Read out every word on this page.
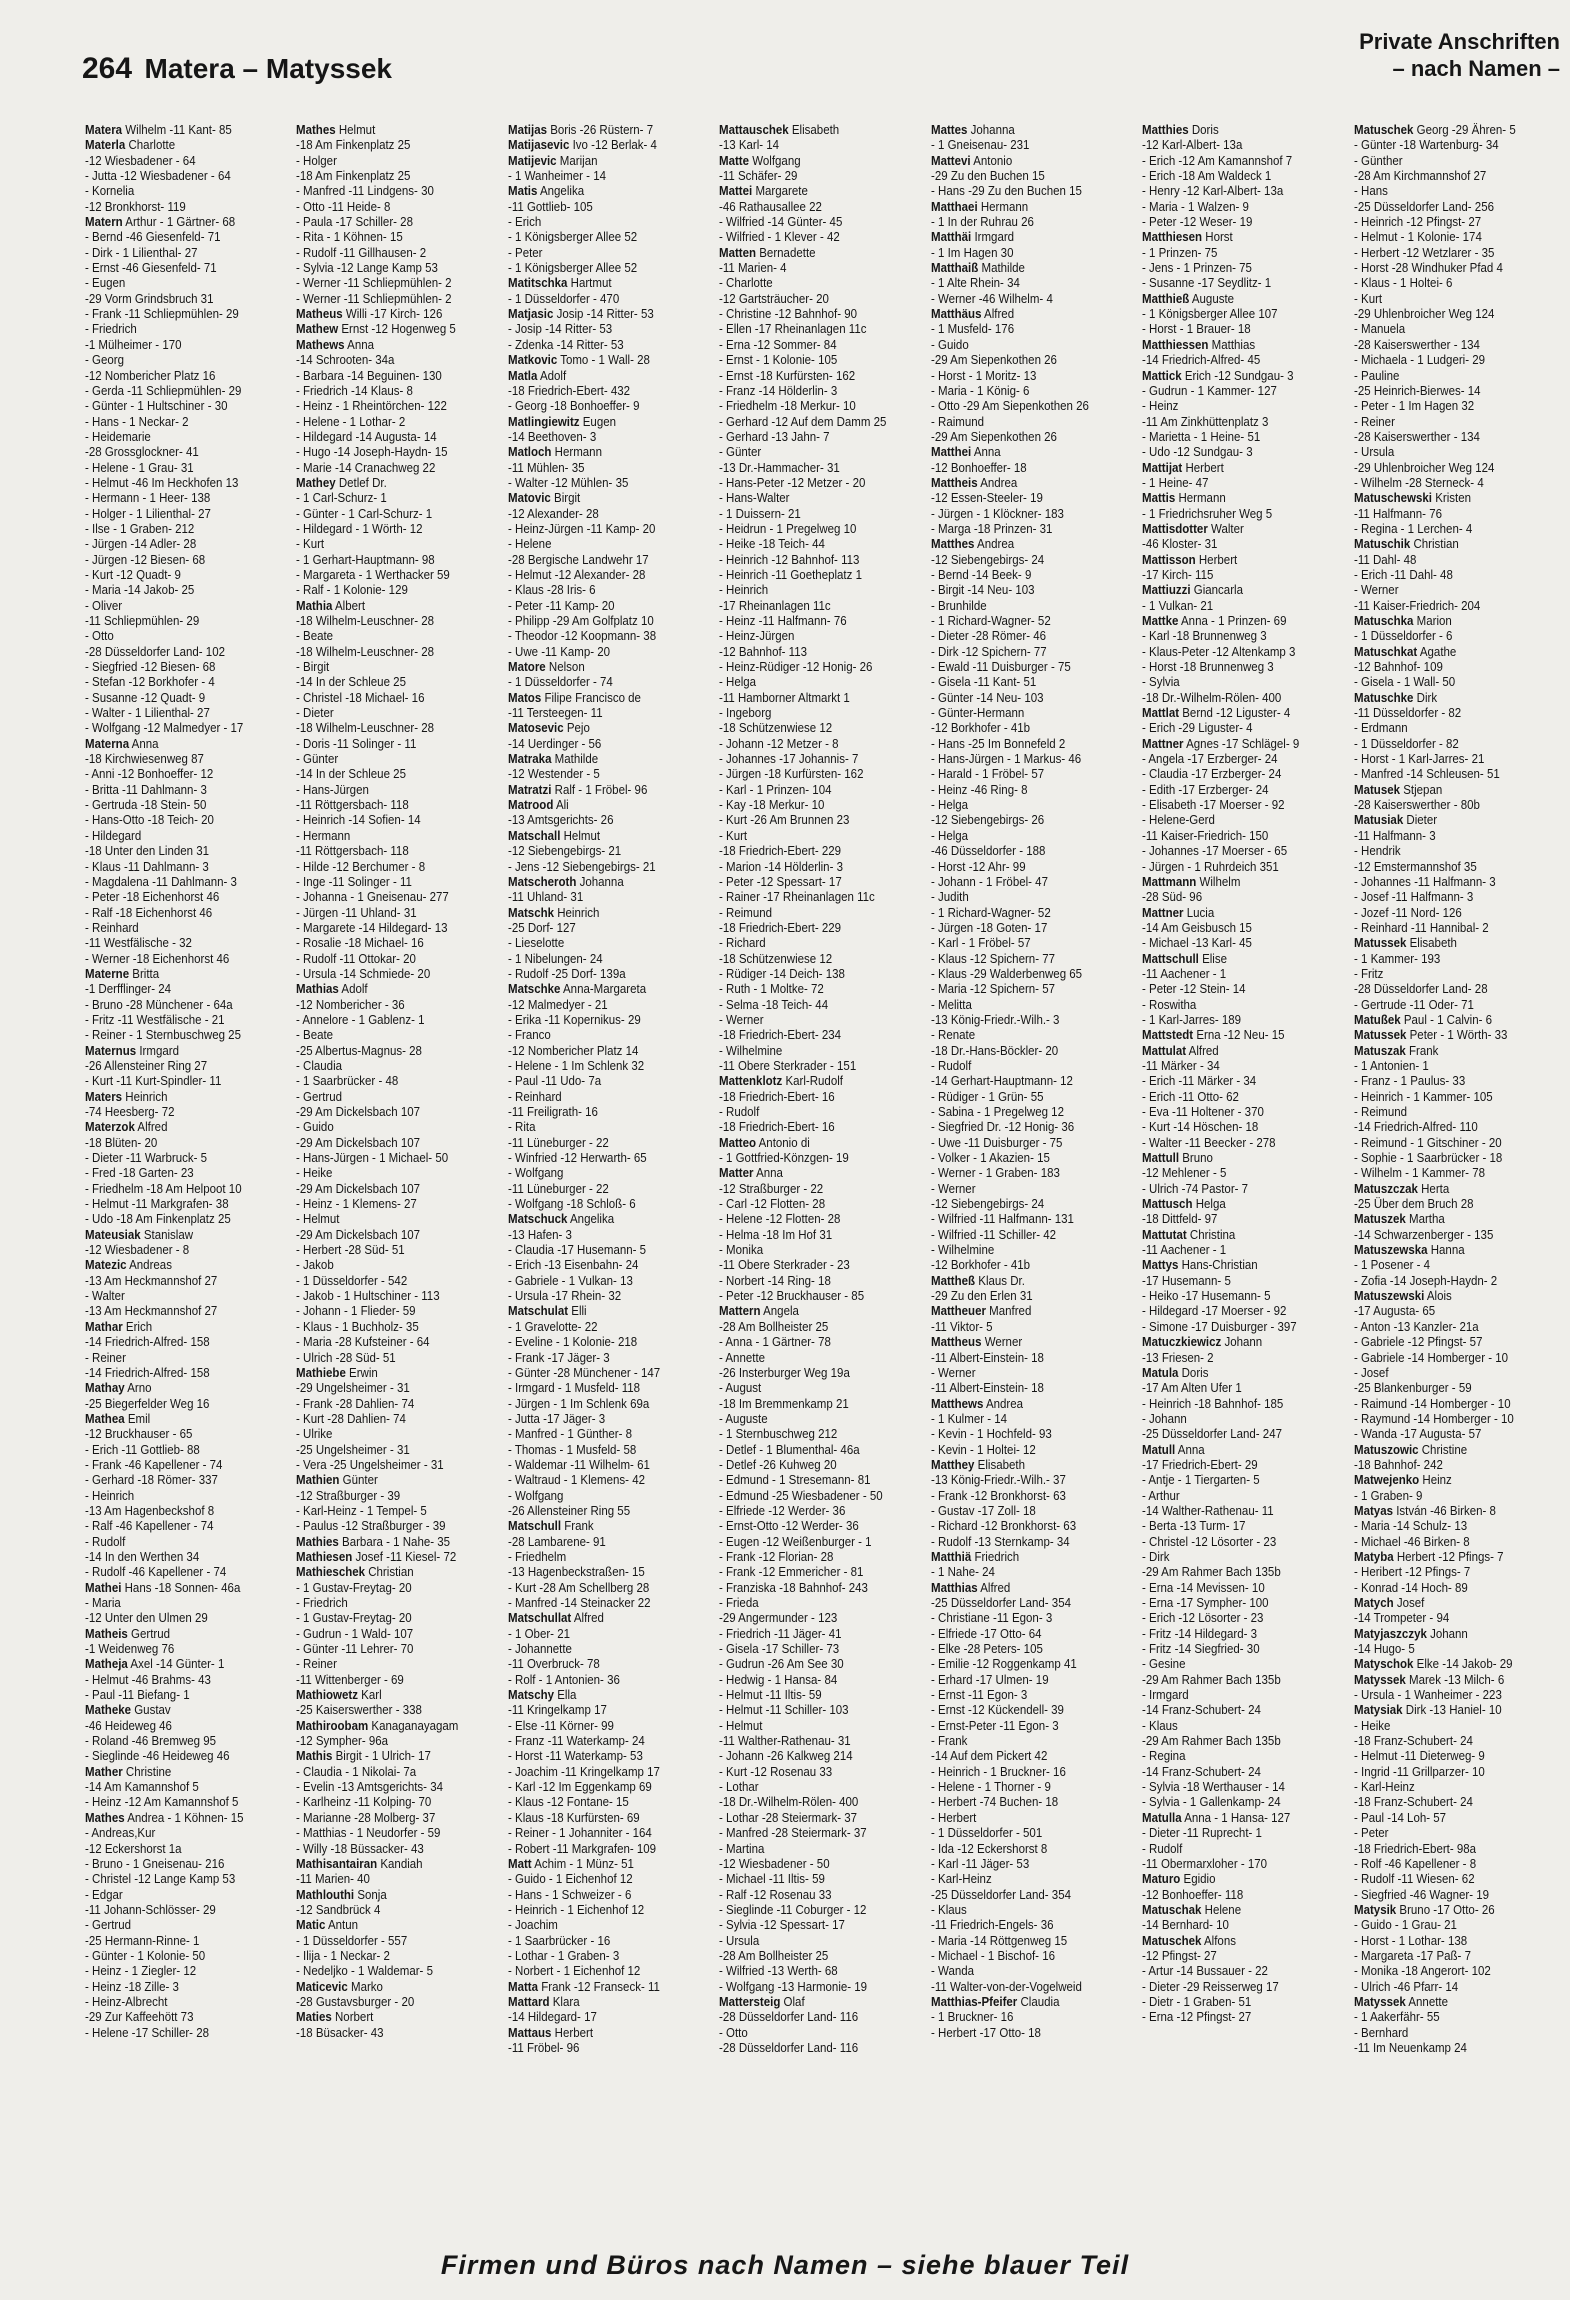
264 Matera – Matyssek
Private Anschriften
– nach Namen –
Matera Wilhelm -11 Kant- 85
Materla Charlotte
-12 Wiesbadener - 64
- Jutta -12 Wiesbadener - 64
- Kornelia
-12 Bronkhorst- 119
Matern Arthur - 1 Gärtner- 68
- Bernd -46 Giesenfeld- 71
- Dirk - 1 Lilienthal- 27
- Ernst -46 Giesenfeld- 71
- Eugen
-29 Vorm Grindsbruch 31
- Frank -11 Schliepmühlen- 29
- Friedrich
-1 Mülheimer - 170
- Georg
-12 Nombericher Platz 16
- Gerda -11 Schliepmühlen- 29
- Günter - 1 Hultschiner - 30
- Hans - 1 Neckar- 2
- Heidemarie
-28 Grossglockner- 41
- Helene - 1 Grau- 31
- Helmut -46 Im Heckhofen 13
- Hermann - 1 Heer- 138
- Holger - 1 Lilienthal- 27
- Ilse - 1 Graben- 212
- Jürgen -14 Adler- 28
- Jürgen -12 Biesen- 68
- Kurt -12 Quadt- 9
- Maria -14 Jakob- 25
- Oliver
-11 Schliepmühlen- 29
- Otto
-28 Düsseldorfer Land- 102
- Siegfried -12 Biesen- 68
- Stefan -12 Borkhofer - 4
- Susanne -12 Quadt- 9
- Walter - 1 Lilienthal- 27
- Wolfgang -12 Malmedyer - 17
Materna Anna
-18 Kirchwiesenweg 87
- Anni -12 Bonhoeffer- 12
- Britta -11 Dahlmann- 3
- Gertruda -18 Stein- 50
- Hans-Otto -18 Teich- 20
- Hildegard
-18 Unter den Linden 31
- Klaus -11 Dahlmann- 3
- Magdalena -11 Dahlmann- 3
- Peter -18 Eichenhorst 46
- Ralf -18 Eichenhorst 46
- Reinhard
-11 Westfälische - 32
- Werner -18 Eichenhorst 46
Materne Britta
-1 Derfflinger- 24
- Bruno -28 Münchener - 64a
- Fritz -11 Westfälische - 21
- Reiner - 1 Sternbuschweg 25
Maternus Irmgard
-26 Allensteiner Ring 27
- Kurt -11 Kurt-Spindler- 11
Maters Heinrich
-74 Heesberg- 72
Materzok Alfred
-18 Blüten- 20
- Dieter -11 Warbruck- 5
- Fred -18 Garten- 23
- Friedhelm -18 Am Helpoot 10
- Helmut -11 Markgrafen- 38
- Udo -18 Am Finkenplatz 25
Mateusiak Stanislaw
-12 Wiesbadener - 8
Matezic Andreas
-13 Am Heckmannshof 27
- Walter
-13 Am Heckmannshof 27
Mathar Erich
-14 Friedrich-Alfred- 158
- Reiner
-14 Friedrich-Alfred- 158
Mathay Arno
-25 Biegerfelder Weg 16
Mathea Emil
-12 Bruckhauser - 65
- Erich -11 Gottlieb- 88
- Frank -46 Kapellener - 74
- Gerhard -18 Römer- 337
- Heinrich
-13 Am Hagenbeckshof 8
- Ralf -46 Kapellener - 74
- Rudolf
-14 In den Werthen 34
- Rudolf -46 Kapellener - 74
Mathei Hans -18 Sonnen- 46a
- Maria
-12 Unter den Ulmen 29
Matheis Gertrud
-1 Weidenweg 76
Matheja Axel -14 Günter- 1
- Helmut -46 Brahms- 43
- Paul -11 Biefang- 1
Matheke Gustav
-46 Heideweg 46
- Roland -46 Bremweg 95
- Sieglinde -46 Heideweg 46
Mather Christine
-14 Am Kamannshof 5
- Heinz -12 Am Kamannshof 5
Mathes Andrea - 1 Köhnen- 15
- Andreas,Kur
-12 Eckershorst 1a
- Bruno - 1 Gneisenau- 216
- Christel -12 Lange Kamp 53
- Edgar
-11 Johann-Schlösser- 29
- Gertrud
-25 Hermann-Rinne- 1
- Günter - 1 Kolonie- 50
- Heinz - 1 Ziegler- 12
- Heinz -18 Zille- 3
- Heinz-Albrecht
-29 Zur Kaffeehött 73
- Helene -17 Schiller- 28
Mathes Helmut
-18 Am Finkenplatz 25
- Holger
-18 Am Finkenplatz 25
- Manfred -11 Lindgens- 30
- Otto -11 Heide- 8
- Paula -17 Schiller- 28
- Rita - 1 Köhnen- 15
- Rudolf -11 Gillhausen- 2
- Sylvia -12 Lange Kamp 53
- Werner -11 Schliepmühlen- 2
- Werner -11 Schliepmühlen- 2
Matheus Willi -17 Kirch- 126
Mathew Ernst -12 Hogenweg 5
Mathews Anna
-14 Schrooten- 34a
- Barbara -14 Beguinen- 130
- Friedrich -14 Klaus- 8
- Heinz - 1 Rheintörchen- 122
- Helene - 1 Lothar- 2
- Hildegard -14 Augusta- 14
- Hugo -14 Joseph-Haydn- 15
- Marie -14 Cranachweg 22
Mathey Detlef Dr.
- 1 Carl-Schurz- 1
- Günter - 1 Carl-Schurz- 1
- Hildegard - 1 Wörth- 12
- Kurt
- 1 Gerhart-Hauptmann- 98
- Margareta - 1 Werthacker 59
- Ralf - 1 Kolonie- 129
Mathia Albert
-18 Wilhelm-Leuschner- 28
- Beate
-18 Wilhelm-Leuschner- 28
- Birgit
-14 In der Schleue 25
- Christel -18 Michael- 16
- Dieter
-18 Wilhelm-Leuschner- 28
- Doris -11 Solinger - 11
- Günter
-14 In der Schleue 25
- Hans-Jürgen
-11 Röttgersbach- 118
- Heinrich -14 Sofien- 14
- Hermann
-11 Röttgersbach- 118
- Hilde -12 Berchumer - 8
- Inge -11 Solinger - 11
- Johanna - 1 Gneisenau- 277
- Jürgen -11 Uhland- 31
- Margarete -14 Hildegard- 13
- Rosalie -18 Michael- 16
- Rudolf -11 Ottokar- 20
- Ursula -14 Schmiede- 20
Mathias Adolf
-12 Nombericher - 36
- Annelore - 1 Gablenz- 1
- Beate
-25 Albertus-Magnus- 28
- Claudia
- 1 Saarbrücker - 48
- Gertrud
-29 Am Dickelsbach 107
- Guido
-29 Am Dickelsbach 107
- Hans-Jürgen - 1 Michael- 50
- Heike
-29 Am Dickelsbach 107
- Heinz - 1 Klemens- 27
- Helmut
-29 Am Dickelsbach 107
- Herbert -28 Süd- 51
- Jakob
- 1 Düsseldorfer - 542
- Jakob - 1 Hultschiner - 113
- Johann - 1 Flieder- 59
- Klaus - 1 Buchholz- 35
- Maria -28 Kufsteiner - 64
- Ulrich -28 Süd- 51
Mathiebe Erwin
-29 Ungelsheimer - 31
- Frank -28 Dahlien- 74
- Kurt -28 Dahlien- 74
- Ulrike
-25 Ungelsheimer - 31
- Vera -25 Ungelsheimer - 31
Mathien Günter
-12 Straßburger - 39
- Karl-Heinz - 1 Tempel- 5
- Paulus -12 Straßburger - 39
Mathies Barbara - 1 Nahe- 35
Mathiesen Josef -11 Kiesel- 72
Mathieschek Christian
- 1 Gustav-Freytag- 20
- Friedrich
- 1 Gustav-Freytag- 20
- Gudrun - 1 Wald- 107
- Günter -11 Lehrer- 70
- Reiner
-11 Wittenberger - 69
Mathiowetz Karl
-25 Kaiserswerther - 338
Mathiroobam Kanaganayagam
-12 Sympher- 96a
Mathis Birgit - 1 Ulrich- 17
- Claudia - 1 Nikolai- 7a
- Evelin -13 Amtsgerichts- 34
- Karlheinz -11 Kolping- 70
- Marianne -28 Molberg- 37
- Matthias - 1 Neudorfer - 59
- Willy -18 Büssacker- 43
Mathisantairan Kandiah
-11 Marien- 40
Mathlouthi Sonja
-12 Sandbrück 4
Matic Antun
- 1 Düsseldorfer - 557
- Ilija - 1 Neckar- 2
- Nedeljko - 1 Waldemar- 5
Maticevic Marko
-28 Gustavsburger - 20
Maties Norbert
-18 Büsacker- 43
Matijas Boris -26 Rüstern- 7
Matijasevic Ivo -12 Berlak- 4
Matijevic Marijan
- 1 Wanheimer - 14
Matis Angelika
-11 Gottlieb- 105
- Erich
- 1 Königsberger Allee 52
- Peter
- 1 Königsberger Allee 52
Matitschka Hartmut
- 1 Düsseldorfer - 470
Matjasic Josip -14 Ritter- 53
- Josip -14 Ritter- 53
- Zdenka -14 Ritter- 53
Matkovic Tomo - 1 Wall- 28
Matla Adolf
-18 Friedrich-Ebert- 432
- Georg -18 Bonhoeffer- 9
Matlingiewitz Eugen
-14 Beethoven- 3
Matloch Hermann
-11 Mühlen- 35
- Walter -12 Mühlen- 35
Matovic Birgit
-12 Alexander- 28
- Heinz-Jürgen -11 Kamp- 20
- Helene
-28 Bergische Landwehr 17
- Helmut -12 Alexander- 28
- Klaus -28 Iris- 6
- Peter -11 Kamp- 20
- Philipp -29 Am Golfplatz 10
- Theodor -12 Koopmann- 38
- Uwe -11 Kamp- 20
Matore Nelson
- 1 Düsseldorfer - 74
Matos Filipe Francisco de
-11 Tersteegen- 11
Matosevic Pejo
-14 Uerdinger - 56
Matraka Mathilde
-12 Westender - 5
Matratzi Ralf - 1 Fröbel- 96
Matrood Ali
-13 Amtsgerichts- 26
Matschall Helmut
-12 Siebengebirgs- 21
- Jens -12 Siebengebirgs- 21
Matscheroth Johanna
-11 Uhland- 31
Matschk Heinrich
-25 Dorf- 127
- Lieselotte
- 1 Nibelungen- 24
- Rudolf -25 Dorf- 139a
Matschke Anna-Margareta
-12 Malmedyer - 21
- Erika -11 Kopernikus- 29
- Franco
-12 Nombericher Platz 14
- Helene - 1 Im Schlenk 32
- Paul -11 Udo- 7a
- Reinhard
-11 Freiligrath- 16
- Rita
-11 Lüneburger - 22
- Winfried -12 Herwarth- 65
- Wolfgang
-11 Lüneburger - 22
- Wolfgang -18 Schloß- 6
Matschuck Angelika
-13 Hafen- 3
- Claudia -17 Husemann- 5
- Erich -13 Eisenbahn- 24
- Gabriele - 1 Vulkan- 13
- Ursula -17 Rhein- 32
Matschulat Elli
- 1 Gravelotte- 22
- Eveline - 1 Kolonie- 218
- Frank -17 Jäger- 3
- Günter -28 Münchener - 147
- Irmgard - 1 Musfeld- 118
- Jürgen - 1 Im Schlenk 69a
- Jutta -17 Jäger- 3
- Manfred - 1 Günther- 8
- Thomas - 1 Musfeld- 58
- Waldemar -11 Wilhelm- 61
- Waltraud - 1 Klemens- 42
- Wolfgang
-26 Allensteiner Ring 55
Matschull Frank
-28 Lambarene- 91
- Friedhelm
-13 Hagenbeckstraßen- 15
- Kurt -28 Am Schellberg 28
- Manfred -14 Steinacker 22
Matschullat Alfred
- 1 Ober- 21
- Johannette
-11 Overbruck- 78
- Rolf - 1 Antonien- 36
Matschy Ella
-11 Kringelkamp 17
- Else -11 Körner- 99
- Franz -11 Waterkamp- 24
- Horst -11 Waterkamp- 53
- Joachim -11 Kringelkamp 17
- Karl -12 Im Eggenkamp 69
- Klaus -12 Fontane- 15
- Klaus -18 Kurfürsten- 69
- Reiner - 1 Johanniter - 164
- Robert -11 Markgrafen- 109
Matt Achim - 1 Münz- 51
- Guido - 1 Eichenhof 12
- Hans - 1 Schweizer - 6
- Heinrich - 1 Eichenhof 12
- Joachim
- 1 Saarbrücker - 16
- Lothar - 1 Graben- 3
- Norbert - 1 Eichenhof 12
Matta Frank -12 Franseck- 11
Mattard Klara
-14 Hildegard- 17
Mattaus Herbert
-11 Fröbel- 96
Mattauschek Elisabeth
-13 Karl- 14
Matte Wolfgang
-11 Schäfer- 29
Mattei Margarete
-46 Rathausallee 22
- Wilfried -14 Günter- 45
- Wilfried - 1 Klever - 42
Matten Bernadette
-11 Marien- 4
- Charlotte
-12 Gartsträucher- 20
- Christine -12 Bahnhof- 90
- Ellen -17 Rheinanlagen 11c
- Erna -12 Sommer- 84
- Ernst - 1 Kolonie- 105
- Ernst -18 Kurfürsten- 162
- Franz -14 Hölderlin- 3
- Friedhelm -18 Merkur- 10
- Gerhard -12 Auf dem Damm 25
- Gerhard -13 Jahn- 7
- Günter
-13 Dr.-Hammacher- 31
- Hans-Peter -12 Metzer - 20
- Hans-Walter
- 1 Duissern- 21
- Heidrun - 1 Pregelweg 10
- Heike -18 Teich- 44
- Heinrich -12 Bahnhof- 113
- Heinrich -11 Goetheplatz 1
- Heinrich
-17 Rheinanlagen 11c
- Heinz -11 Halfmann- 76
- Heinz-Jürgen
-12 Bahnhof- 113
- Heinz-Rüdiger -12 Honig- 26
- Helga
-11 Hamborner Altmarkt 1
- Ingeborg
-18 Schützenwiese 12
- Johann -12 Metzer - 8
- Johannes -17 Johannis- 7
- Jürgen -18 Kurfürsten- 162
- Karl - 1 Prinzen- 104
- Kay -18 Merkur- 10
- Kurt -26 Am Brunnen 23
- Kurt
-18 Friedrich-Ebert- 229
- Marion -14 Hölderlin- 3
- Peter -12 Spessart- 17
- Rainer -17 Rheinanlagen 11c
- Reimund
-18 Friedrich-Ebert- 229
- Richard
-18 Schützenwiese 12
- Rüdiger -14 Deich- 138
- Ruth - 1 Moltke- 72
- Selma -18 Teich- 44
- Werner
-18 Friedrich-Ebert- 234
- Wilhelmine
-11 Obere Sterkrader - 151
Mattenklotz Karl-Rudolf
-18 Friedrich-Ebert- 16
- Rudolf
-18 Friedrich-Ebert- 16
Matteo Antonio di
- 1 Gottfried-Könzgen- 19
Matter Anna
-12 Straßburger - 22
- Carl -12 Flotten- 28
- Helene -12 Flotten- 28
- Helma -18 Im Hof 31
- Monika
-11 Obere Sterkrader - 23
- Norbert -14 Ring- 18
- Peter -12 Bruckhauser - 85
Mattern Angela
-28 Am Bollheister 25
- Anna - 1 Gärtner- 78
- Annette
-26 Insterburger Weg 19a
- August
-18 Im Bremmenkamp 21
- Auguste
- 1 Sternbuschweg 212
- Detlef - 1 Blumenthal- 46a
- Detlef -26 Kuhweg 20
- Edmund - 1 Stresemann- 81
- Edmund -25 Wiesbadener - 50
- Elfriede -12 Werder- 36
- Ernst-Otto -12 Werder- 36
- Eugen -12 Weißenburger - 1
- Frank -12 Florian- 28
- Frank -12 Emmericher - 81
- Franziska -18 Bahnhof- 243
- Frieda
-29 Angermunder - 123
- Friedrich -11 Jäger- 41
- Gisela -17 Schiller- 73
- Gudrun -26 Am See 30
- Hedwig - 1 Hansa- 84
- Helmut -11 Iltis- 59
- Helmut -11 Schiller- 103
- Helmut
-11 Walther-Rathenau- 31
- Johann -26 Kalkweg 214
- Kurt -12 Rosenau 33
- Lothar
-18 Dr.-Wilhelm-Rölen- 400
- Lothar -28 Steiermark- 37
- Manfred -28 Steiermark- 37
- Martina
-12 Wiesbadener - 50
- Michael -11 Iltis- 59
- Ralf -12 Rosenau 33
- Sieglinde -11 Coburger - 12
- Sylvia -12 Spessart- 17
- Ursula
-28 Am Bollheister 25
- Wilfried -13 Werth- 68
- Wolfgang -13 Harmonie- 19
Mattersteig Olaf
-28 Düsseldorfer Land- 116
- Otto
-28 Düsseldorfer Land- 116
Mattes Johanna
- 1 Gneisenau- 231
Mattevi Antonio
-29 Zu den Buchen 15
- Hans -29 Zu den Buchen 15
Matthaei Hermann
- 1 In der Ruhrau 26
Matthäi Irmgard
- 1 Im Hagen 30
Matthaiß Mathilde
- 1 Alte Rhein- 34
- Werner -46 Wilhelm- 4
Matthäus Alfred
- 1 Musfeld- 176
- Guido
-29 Am Siepenkothen 26
- Horst - 1 Moritz- 13
- Maria - 1 König- 6
- Otto -29 Am Siepenkothen 26
- Raimund
-29 Am Siepenkothen 26
Matthei Anna
-12 Bonhoeffer- 18
Mattheis Andrea
-12 Essen-Steeler- 19
- Jürgen - 1 Klöckner- 183
- Marga -18 Prinzen- 31
Matthes Andrea
-12 Siebengebirgs- 24
- Bernd -14 Beek- 9
- Birgit -14 Neu- 103
- Brunhilde
- 1 Richard-Wagner- 52
- Dieter -28 Römer- 46
- Dirk -12 Spichern- 77
- Ewald -11 Duisburger - 75
- Gisela -11 Kant- 51
- Günter -14 Neu- 103
- Günter-Hermann
-12 Borkhofer - 41b
- Hans -25 Im Bonnefeld 2
- Hans-Jürgen - 1 Markus- 46
- Harald - 1 Fröbel- 57
- Heinz -46 Ring- 8
- Helga
-12 Siebengebirgs- 26
- Helga
-46 Düsseldorfer - 188
- Horst -12 Ahr- 99
- Johann - 1 Fröbel- 47
- Judith
- 1 Richard-Wagner- 52
- Jürgen -18 Goten- 17
- Karl - 1 Fröbel- 57
- Klaus -12 Spichern- 77
- Klaus -29 Walderbenweg 65
- Maria -12 Spichern- 57
- Melitta
-13 König-Friedr.-Wilh.- 3
- Renate
-18 Dr.-Hans-Böckler- 20
- Rudolf
-14 Gerhart-Hauptmann- 12
- Rüdiger - 1 Grün- 55
- Sabina - 1 Pregelweg 12
- Siegfried Dr. -12 Honig- 36
- Uwe -11 Duisburger - 75
- Volker - 1 Akazien- 15
- Werner - 1 Graben- 183
- Werner
-12 Siebengebirgs- 24
- Wilfried -11 Halfmann- 131
- Wilfried -11 Schiller- 42
- Wilhelmine
-12 Borkhofer - 41b
Mattheß Klaus Dr.
-29 Zu den Erlen 31
Mattheuer Manfred
-11 Viktor- 5
Mattheus Werner
-11 Albert-Einstein- 18
- Werner
-11 Albert-Einstein- 18
Matthews Andrea
- 1 Kulmer - 14
- Kevin - 1 Hochfeld- 93
- Kevin - 1 Holtei- 12
Matthey Elisabeth
-13 König-Friedr.-Wilh.- 37
- Frank -12 Bronkhorst- 63
- Gustav -17 Zoll- 18
- Richard -12 Bronkhorst- 63
- Rudolf -13 Sternkamp- 34
Matthiä Friedrich
- 1 Nahe- 24
Matthias Alfred
-25 Düsseldorfer Land- 354
- Christiane -11 Egon- 3
- Elfriede -17 Otto- 64
- Elke -28 Peters- 105
- Emilie -12 Roggenkamp 41
- Erhard -17 Ulmen- 19
- Ernst -11 Egon- 3
- Ernst -12 Kückendell- 39
- Ernst-Peter -11 Egon- 3
- Frank
-14 Auf dem Pickert 42
- Heinrich - 1 Bruckner- 16
- Helene - 1 Thorner - 9
- Herbert -74 Buchen- 18
- Herbert
- 1 Düsseldorfer - 501
- Ida -12 Eckershorst 8
- Karl -11 Jäger- 53
- Karl-Heinz
-25 Düsseldorfer Land- 354
- Klaus
-11 Friedrich-Engels- 36
- Maria -14 Röttgenweg 15
- Michael - 1 Bischof- 16
- Wanda
-11 Walter-von-der-Vogelweid
Matthias-Pfeifer Claudia
- 1 Bruckner- 16
- Herbert -17 Otto- 18
Matthies Doris
-12 Karl-Albert- 13a
- Erich -12 Am Kamannshof 7
- Erich -18 Am Waldeck 1
- Henry -12 Karl-Albert- 13a
- Maria - 1 Walzen- 9
- Peter -12 Weser- 19
Matthiesen Horst
- 1 Prinzen- 75
- Jens - 1 Prinzen- 75
- Susanne -17 Seydlitz- 1
Matthieß Auguste
- 1 Königsberger Allee 107
- Horst - 1 Brauer- 18
Matthiessen Matthias
-14 Friedrich-Alfred- 45
Mattick Erich -12 Sundgau- 3
- Gudrun - 1 Kammer- 127
- Heinz
-11 Am Zinkhüttenplatz 3
- Marietta - 1 Heine- 51
- Udo -12 Sundgau- 3
Mattijat Herbert
- 1 Heine- 47
Mattis Hermann
- 1 Friedrichsruher Weg 5
Mattisdotter Walter
-46 Kloster- 31
Mattisson Herbert
-17 Kirch- 115
Mattiuzzi Giancarla
- 1 Vulkan- 21
Mattke Anna - 1 Prinzen- 69
- Karl -18 Brunnenweg 3
- Klaus-Peter -12 Altenkamp 3
- Horst -18 Brunnenweg 3
- Sylvia
-18 Dr.-Wilhelm-Rölen- 400
Mattlat Bernd -12 Liguster- 4
- Erich -29 Liguster- 4
Mattner Agnes -17 Schlägel- 9
- Angela -17 Erzberger- 24
- Claudia -17 Erzberger- 24
- Edith -17 Erzberger- 24
- Elisabeth -17 Moerser - 92
- Helene-Gerd
-11 Kaiser-Friedrich- 150
- Johannes -17 Moerser - 65
- Jürgen - 1 Ruhrdeich 351
Mattmann Wilhelm
-28 Süd- 96
Mattner Lucia
-14 Am Geisbusch 15
- Michael -13 Karl- 45
Mattschull Elise
-11 Aachener - 1
- Peter -12 Stein- 14
- Roswitha
- 1 Karl-Jarres- 189
Mattstedt Erna -12 Neu- 15
Mattulat Alfred
-11 Märker - 34
- Erich -11 Märker - 34
- Erich -11 Otto- 62
- Eva -11 Holtener - 370
- Kurt -14 Höschen- 18
- Walter -11 Beecker - 278
Mattull Bruno
-12 Mehlener - 5
- Ulrich -74 Pastor- 7
Mattusch Helga
-18 Dittfeld- 97
Mattutat Christina
-11 Aachener - 1
Mattys Hans-Christian
-17 Husemann- 5
- Heiko -17 Husemann- 5
- Hildegard -17 Moerser - 92
- Simone -17 Duisburger - 397
Matuczkiewicz Johann
-13 Friesen- 2
Matula Doris
-17 Am Alten Ufer 1
- Heinrich -18 Bahnhof- 185
- Johann
-25 Düsseldorfer Land- 247
Matull Anna
-17 Friedrich-Ebert- 29
- Antje - 1 Tiergarten- 5
- Arthur
-14 Walther-Rathenau- 11
- Berta -13 Turm- 17
- Christel -12 Lösorter - 23
- Dirk
-29 Am Rahmer Bach 135b
- Erna -14 Mevissen- 10
- Erna -17 Sympher- 100
- Erich -12 Lösorter - 23
- Fritz -14 Hildegard- 3
- Fritz -14 Siegfried- 30
- Gesine
-29 Am Rahmer Bach 135b
- Irmgard
-14 Franz-Schubert- 24
- Klaus
-29 Am Rahmer Bach 135b
- Regina
-14 Franz-Schubert- 24
- Sylvia -18 Werthauser - 14
- Sylvia - 1 Gallenkamp- 24
Matulla Anna - 1 Hansa- 127
- Dieter -11 Ruprecht- 1
- Rudolf
-11 Obermarxloher - 170
Maturo Egidio
-12 Bonhoeffer- 118
Matuschak Helene
-14 Bernhard- 10
Matuschek Alfons
-12 Pfingst- 27
- Artur -14 Bussauer - 22
- Dieter -29 Reisserweg 17
- Dietr - 1 Graben- 51
- Erna -12 Pfingst- 27
Matuschek Georg -29 Ähren- 5
- Günter -18 Wartenburg- 34
- Günther
-28 Am Kirchmannshof 27
- Hans
-25 Düsseldorfer Land- 256
- Heinrich -12 Pfingst- 27
- Helmut - 1 Kolonie- 174
- Herbert -12 Wetzlarer - 35
- Horst -28 Windhuker Pfad 4
- Klaus - 1 Holtei- 6
- Kurt
-29 Uhlenbroicher Weg 124
- Manuela
-28 Kaiserswerther - 134
- Michaela - 1 Ludgeri- 29
- Pauline
-25 Heinrich-Bierwes- 14
- Peter - 1 Im Hagen 32
- Reiner
-28 Kaiserswerther - 134
- Ursula
-29 Uhlenbroicher Weg 124
- Wilhelm -28 Sterneck- 4
Matuschewski Kristen
-11 Halfmann- 76
- Regina - 1 Lerchen- 4
Matuschik Christian
-11 Dahl- 48
- Erich -11 Dahl- 48
- Werner
-11 Kaiser-Friedrich- 204
Matuschka Marion
- 1 Düsseldorfer - 6
Matuschkat Agathe
-12 Bahnhof- 109
- Gisela - 1 Wall- 50
Matuschke Dirk
-11 Düsseldorfer - 82
- Erdmann
- 1 Düsseldorfer - 82
- Horst - 1 Karl-Jarres- 21
- Manfred -14 Schleusen- 51
Matusek Stjepan
-28 Kaiserswerther - 80b
Matusiak Dieter
-11 Halfmann- 3
- Hendrik
-12 Emstermannshof 35
- Johannes -11 Halfmann- 3
- Josef -11 Halfmann- 3
- Jozef -11 Nord- 126
- Reinhard -11 Hannibal- 2
Matussek Elisabeth
- 1 Kammer- 193
- Fritz
-28 Düsseldorfer Land- 28
- Gertrude -11 Oder- 71
Matußek Paul - 1 Calvin- 6
Matussek Peter - 1 Wörth- 33
Matuszak Frank
- 1 Antonien- 1
- Franz - 1 Paulus- 33
- Heinrich - 1 Kammer- 105
- Reimund
-14 Friedrich-Alfred- 110
- Reimund - 1 Gitschiner - 20
- Sophie - 1 Saarbrücker - 18
- Wilhelm - 1 Kammer- 78
Matuszczak Herta
-25 Über dem Bruch 28
Matuszek Martha
-14 Schwarzenberger - 135
Matuszewska Hanna
- 1 Posener - 4
- Zofia -14 Joseph-Haydn- 2
Matuszewski Alois
-17 Augusta- 65
- Anton -13 Kanzler- 21a
- Gabriele -12 Pfingst- 57
- Gabriele -14 Homberger - 10
- Josef
-25 Blankenburger - 59
- Raimund -14 Homberger - 10
- Raymund -14 Homberger - 10
- Wanda -17 Augusta- 57
Matuszowic Christine
-18 Bahnhof- 242
Matwejenko Heinz
- 1 Graben- 9
Matyas István -46 Birken- 8
- Maria -14 Schulz- 13
- Michael -46 Birken- 8
Matyba Herbert -12 Pfings- 7
- Heribert -12 Pfings- 7
- Konrad -14 Hoch- 89
Matych Josef
-14 Trompeter - 94
Matyjaszczyk Johann
-14 Hugo- 5
Matyschok Elke -14 Jakob- 29
Matyssek Marek -13 Milch- 6
- Ursula - 1 Wanheimer - 223
Matysiak Dirk -13 Haniel- 10
- Heike
-18 Franz-Schubert- 24
- Helmut -11 Dieterweg- 9
- Ingrid -11 Grillparzer- 10
- Karl-Heinz
-18 Franz-Schubert- 24
- Paul -14 Loh- 57
- Peter
-18 Friedrich-Ebert- 98a
- Rolf -46 Kapellener - 8
- Rudolf -11 Wiesen- 62
- Siegfried -46 Wagner- 19
Matysik Bruno -17 Otto- 26
- Guido - 1 Grau- 21
- Horst - 1 Lothar- 138
- Margareta -17 Paß- 7
- Monika -18 Angerort- 102
- Ulrich -46 Pfarr- 14
Matyssek Annette
- 1 Aakerfähr- 55
- Bernhard
-11 Im Neuenkamp 24
Firmen und Büros nach Namen – siehe blauer Teil
